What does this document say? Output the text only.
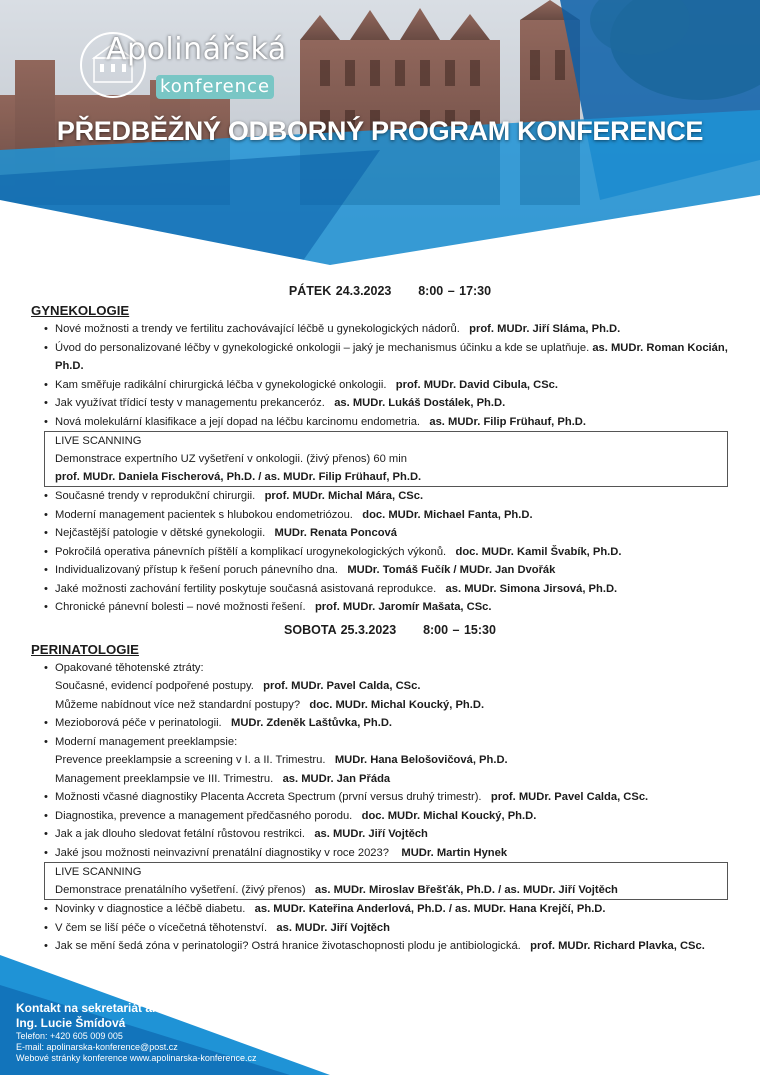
Apolinářská
konference
PŘEDBĚŽNÝ ODBORNÝ PROGRAM KONFERENCE
PÁTEK 24.3.2023 8:00 – 17:30
GYNEKOLOGIE
• Nové možnosti a trendy ve fertilitu zachovávající léčbě u gynekologických nádorů. prof. MUDr. Jiří Sláma, Ph.D.
• Úvod do personalizované léčby v gynekologické onkologii – jaký je mechanismus účinku a kde se uplatňuje. as. MUDr. Roman Kocián, Ph.D.
• Kam směřuje radikální chirurgická léčba v gynekologické onkologii. prof. MUDr. David Cibula, CSc.
• Jak využívat třídicí testy v managementu prekanceróz. as. MUDr. Lukáš Dostálek, Ph.D.
• Nová molekulární klasifikace a její dopad na léčbu karcinomu endometria. as. MUDr. Filip Frühauf, Ph.D.
LIVE SCANNING
Demonstrace expertního UZ vyšetření v onkologii. (živý přenos) 60 min
prof. MUDr. Daniela Fischerová, Ph.D. / as. MUDr. Filip Frühauf, Ph.D.
• Současné trendy v reprodukční chirurgii. prof. MUDr. Michal Mára, CSc.
• Moderní management pacientek s hlubokou endometriózou. doc. MUDr. Michael Fanta, Ph.D.
• Nejčastější patologie v dětské gynekologii. MUDr. Renata Poncová
• Pokročilá operativa pánevních píštělí a komplikací urogynekologických výkonů. doc. MUDr. Kamil Švabík, Ph.D.
• Individualizovaný přístup k řešení poruch pánevního dna. MUDr. Tomáš Fučík / MUDr. Jan Dvořák
• Jaké možnosti zachování fertility poskytuje současná asistovaná reprodukce. as. MUDr. Simona Jirsová, Ph.D.
• Chronické pánevní bolesti – nové možnosti řešení. prof. MUDr. Jaromír Mašata, CSc.
SOBOTA 25.3.2023 8:00 – 15:30
PERINATOLOGIE
• Opakované těhotenské ztráty:
Současné, evidencí podpořené postupy. prof. MUDr. Pavel Calda, CSc.
Můžeme nabídnout více než standardní postupy? doc. MUDr. Michal Koucký, Ph.D.
• Mezioborová péče v perinatologii. MUDr. Zdeněk Laštůvka, Ph.D.
• Moderní management preeklampsie:
Prevence preeklampsie a screening v I. a II. Trimestru. MUDr. Hana Belošovičová, Ph.D.
Management preeklampsie ve III. Trimestru. as. MUDr. Jan Přáda
• Možnosti včasné diagnostiky Placenta Accreta Spectrum (první versus druhý trimestr). prof. MUDr. Pavel Calda, CSc.
• Diagnostika, prevence a management předčasného porodu. doc. MUDr. Michal Koucký, Ph.D.
• Jak a jak dlouho sledovat fetální růstovou restrikci. as. MUDr. Jiří Vojtěch
• Jaké jsou možnosti neinvazivní prenatální diagnostiky v roce 2023? MUDr. Martin Hynek
LIVE SCANNING
Demonstrace prenatálního vyšetření. (živý přenos) as. MUDr. Miroslav Břešťák, Ph.D. / as. MUDr. Jiří Vojtěch
• Novinky v diagnostice a léčbě diabetu. as. MUDr. Kateřina Anderlová, Ph.D. / as. MUDr. Hana Krejčí, Ph.D.
• V čem se liší péče o vícečetná těhotenství. as. MUDr. Jiří Vojtěch
• Jak se mění šedá zóna v perinatologii? Ostrá hranice životaschopnosti plodu je antibiologická. prof. MUDr. Richard Plavka, CSc.
Kontakt na sekretariát akce:
Ing. Lucie Šmídová
Telefon: +420 605 009 005
E-mail: apolinarska-konference@post.cz
Webové stránky konference www.apolinarska-konference.cz
